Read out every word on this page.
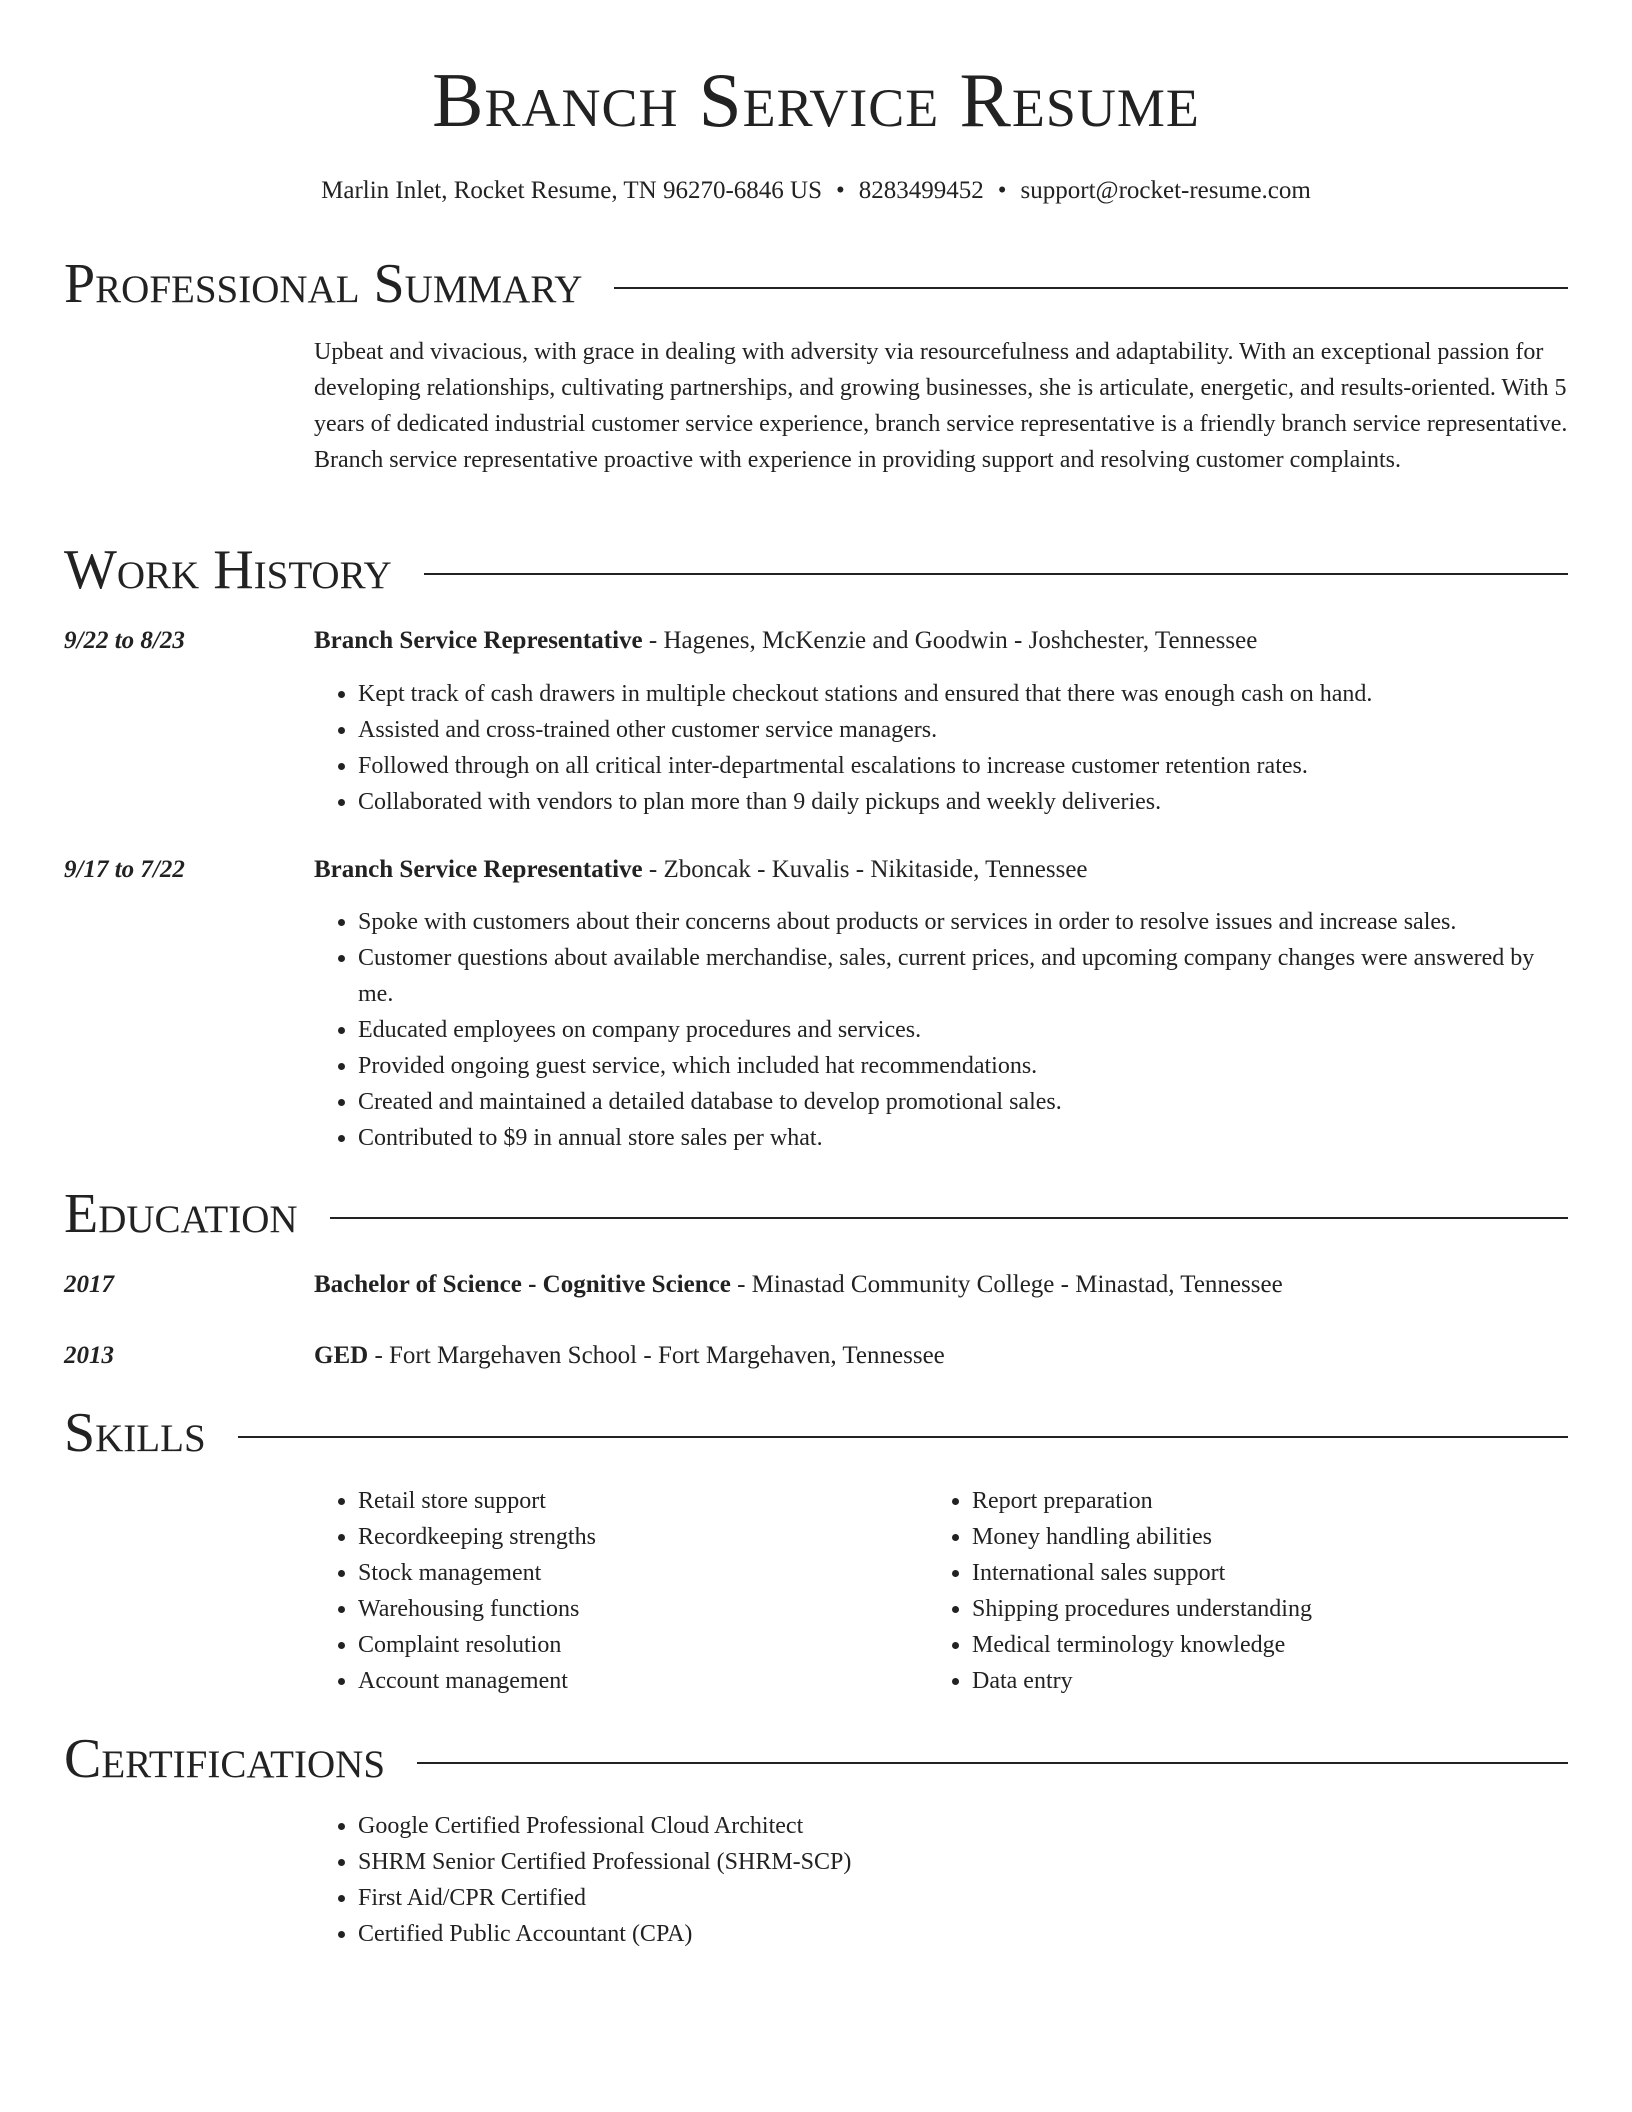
Branch Service Resume
Marlin Inlet, Rocket Resume, TN 96270-6846 US • 8283499452 • support@rocket-resume.com
Professional Summary
Upbeat and vivacious, with grace in dealing with adversity via resourcefulness and adaptability. With an exceptional passion for developing relationships, cultivating partnerships, and growing businesses, she is articulate, energetic, and results-oriented. With 5 years of dedicated industrial customer service experience, branch service representative is a friendly branch service representative. Branch service representative proactive with experience in providing support and resolving customer complaints.
Work History
9/22 to 8/23	Branch Service Representative - Hagenes, McKenzie and Goodwin - Joshchester, Tennessee
• Kept track of cash drawers in multiple checkout stations and ensured that there was enough cash on hand.
• Assisted and cross-trained other customer service managers.
• Followed through on all critical inter-departmental escalations to increase customer retention rates.
• Collaborated with vendors to plan more than 9 daily pickups and weekly deliveries.
9/17 to 7/22	Branch Service Representative - Zboncak - Kuvalis - Nikitaside, Tennessee
• Spoke with customers about their concerns about products or services in order to resolve issues and increase sales.
• Customer questions about available merchandise, sales, current prices, and upcoming company changes were answered by me.
• Educated employees on company procedures and services.
• Provided ongoing guest service, which included hat recommendations.
• Created and maintained a detailed database to develop promotional sales.
• Contributed to $9 in annual store sales per what.
Education
2017	Bachelor of Science - Cognitive Science - Minastad Community College - Minastad, Tennessee
2013	GED - Fort Margehaven School - Fort Margehaven, Tennessee
Skills
• Retail store support
• Recordkeeping strengths
• Stock management
• Warehousing functions
• Complaint resolution
• Account management
• Report preparation
• Money handling abilities
• International sales support
• Shipping procedures understanding
• Medical terminology knowledge
• Data entry
Certifications
• Google Certified Professional Cloud Architect
• SHRM Senior Certified Professional (SHRM-SCP)
• First Aid/CPR Certified
• Certified Public Accountant (CPA)
